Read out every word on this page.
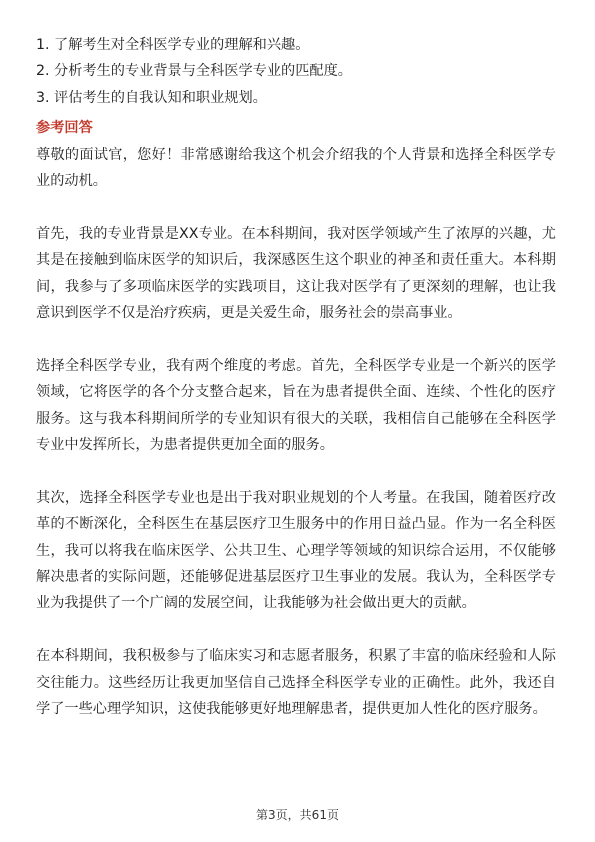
1. 了解考生对全科医学专业的理解和兴趣。

2. 分析考生的专业背景与全科医学专业的匹配度。

3. 评估考生的自我认知和职业规划。

参考回答

尊敬的面试官，您好！非常感谢给我这个机会介绍我的个人背景和选择全科医学专业的动机。

首先，我的专业背景是XX专业。在本科期间，我对医学领域产生了浓厚的兴趣，尤其是在接触到临床医学的知识后，我深感医生这个职业的神圣和责任重大。本科期间，我参与了多项临床医学的实践项目，这让我对医学有了更深刻的理解，也让我意识到医学不仅是治疗疾病，更是关爱生命，服务社会的崇高事业。

选择全科医学专业，我有两个维度的考虑。首先，全科医学专业是一个新兴的医学领域，它将医学的各个分支整合起来，旨在为患者提供全面、连续、个性化的医疗服务。这与我本科期间所学的专业知识有很大的关联，我相信自己能够在全科医学专业中发挥所长，为患者提供更加全面的服务。

其次，选择全科医学专业也是出于我对职业规划的个人考量。在我国，随着医疗改革的不断深化，全科医生在基层医疗卫生服务中的作用日益凸显。作为一名全科医生，我可以将我在临床医学、公共卫生、心理学等领域的知识综合运用，不仅能够解决患者的实际问题，还能够促进基层医疗卫生事业的发展。我认为，全科医学专业为我提供了一个广阔的发展空间，让我能够为社会做出更大的贡献。

在本科期间，我积极参与了临床实习和志愿者服务，积累了丰富的临床经验和人际交往能力。这些经历让我更加坚信自己选择全科医学专业的正确性。此外，我还自学了一些心理学知识，这使我能够更好地理解患者，提供更加人性化的医疗服务。

第3页，共61页
